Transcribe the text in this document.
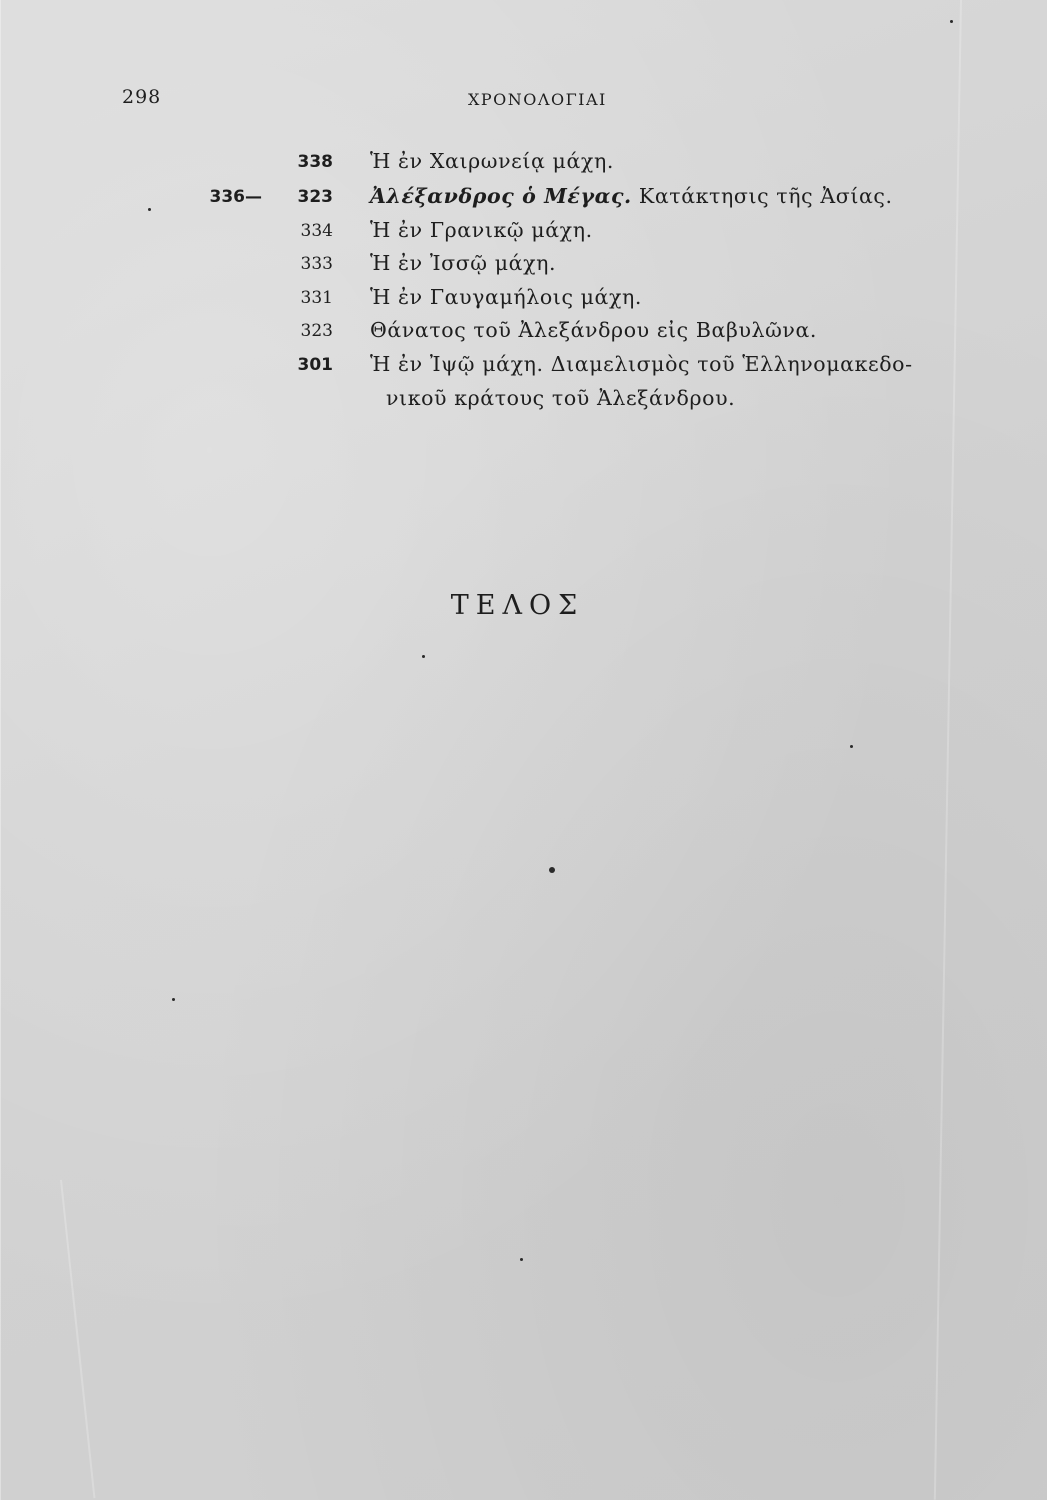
298	ΧΡΟΝΟΛΟΓΙΑΙ
338 Ἡ ἐν Χαιρωνείᾳ μάχη.
336— 323 Ἀλέξανδρος ὁ Μέγας. Κατάκτησις τῆς Ἀσίας.
334 Ἡ ἐν Γρανικῷ μάχη.
333 Ἡ ἐν Ἰσσῷ μάχη.
331 Ἡ ἐν Γαυγαμήλοις μάχη.
323 Θάνατος τοῦ Ἀλεξάνδρου εἰς Βαβυλῶνα.
301 Ἡ ἐν Ἰψῷ μάχη. Διαμελισμὸς τοῦ Ἑλληνομακεδο-
νικοῦ κράτους τοῦ Ἀλεξάνδρου.
ΤΕΛΟΣ
